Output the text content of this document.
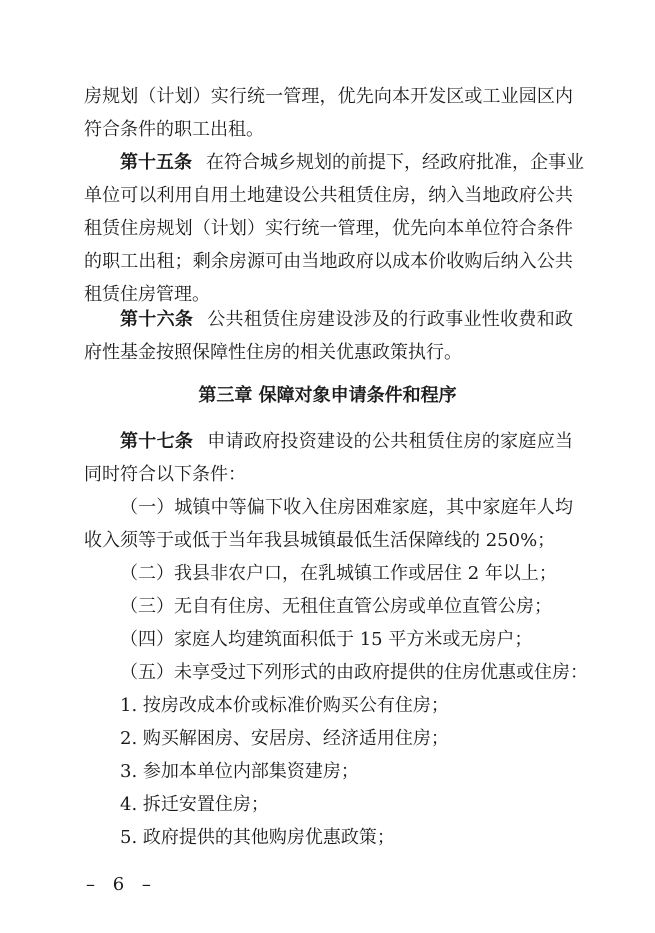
房规划（计划）实行统一管理，优先向本开发区或工业园区内
符合条件的职工出租。
第十五条 在符合城乡规划的前提下，经政府批准，企事业
单位可以利用自用土地建设公共租赁住房，纳入当地政府公共
租赁住房规划（计划）实行统一管理，优先向本单位符合条件
的职工出租；剩余房源可由当地政府以成本价收购后纳入公共
租赁住房管理。
第十六条 公共租赁住房建设涉及的行政事业性收费和政
府性基金按照保障性住房的相关优惠政策执行。
第三章 保障对象申请条件和程序
第十七条 申请政府投资建设的公共租赁住房的家庭应当
同时符合以下条件：
（一）城镇中等偏下收入住房困难家庭，其中家庭年人均
收入须等于或低于当年我县城镇最低生活保障线的 250%；
（二）我县非农户口，在乳城镇工作或居住 2 年以上；
（三）无自有住房、无租住直管公房或单位直管公房；
（四）家庭人均建筑面积低于 15 平方米或无房户；
（五）未享受过下列形式的由政府提供的住房优惠或住房：
1. 按房改成本价或标准价购买公有住房；
2. 购买解困房、安居房、经济适用住房；
3. 参加本单位内部集资建房；
4. 拆迁安置住房；
5. 政府提供的其他购房优惠政策；
– 6 –
